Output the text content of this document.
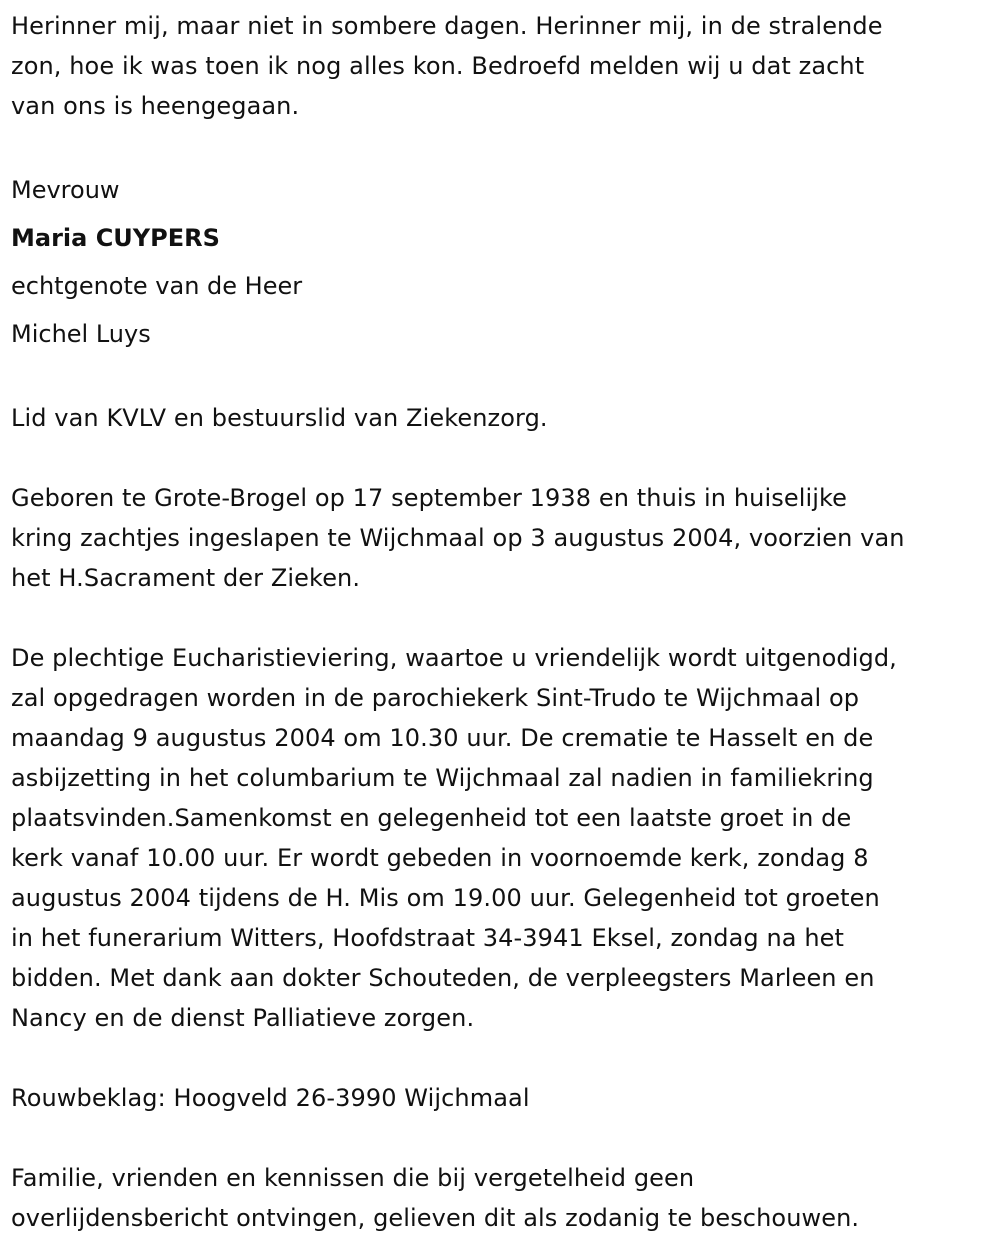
Herinner mij, maar niet in sombere dagen. Herinner mij, in de stralende
zon, hoe ik was toen ik nog alles kon. Bedroefd melden wij u dat zacht
van ons is heengegaan.

Mevrouw

Maria CUYPERS

echtgenote van de Heer

Michel Luys

Lid van KVLV en bestuurslid van Ziekenzorg.

Geboren te Grote-Brogel op 17 september 1938 en thuis in huiselijke
kring zachtjes ingeslapen te Wijchmaal op 3 augustus 2004, voorzien van
het H.Sacrament der Zieken.

De plechtige Eucharistieviering, waartoe u vriendelijk wordt uitgenodigd,
zal opgedragen worden in de parochiekerk Sint-Trudo te Wijchmaal op
maandag 9 augustus 2004 om 10.30 uur. De crematie te Hasselt en de
asbijzetting in het columbarium te Wijchmaal zal nadien in familiekring
plaatsvinden.Samenkomst en gelegenheid tot een laatste groet in de
kerk vanaf 10.00 uur. Er wordt gebeden in voornoemde kerk, zondag 8
augustus 2004 tijdens de H. Mis om 19.00 uur. Gelegenheid tot groeten
in het funerarium Witters, Hoofdstraat 34-3941 Eksel, zondag na het
bidden. Met dank aan dokter Schouteden, de verpleegsters Marleen en
Nancy en de dienst Palliatieve zorgen.

Rouwbeklag: Hoogveld 26-3990 Wijchmaal

Familie, vrienden en kennissen die bij vergetelheid geen
overlijdensbericht ontvingen, gelieven dit als zodanig te beschouwen.
